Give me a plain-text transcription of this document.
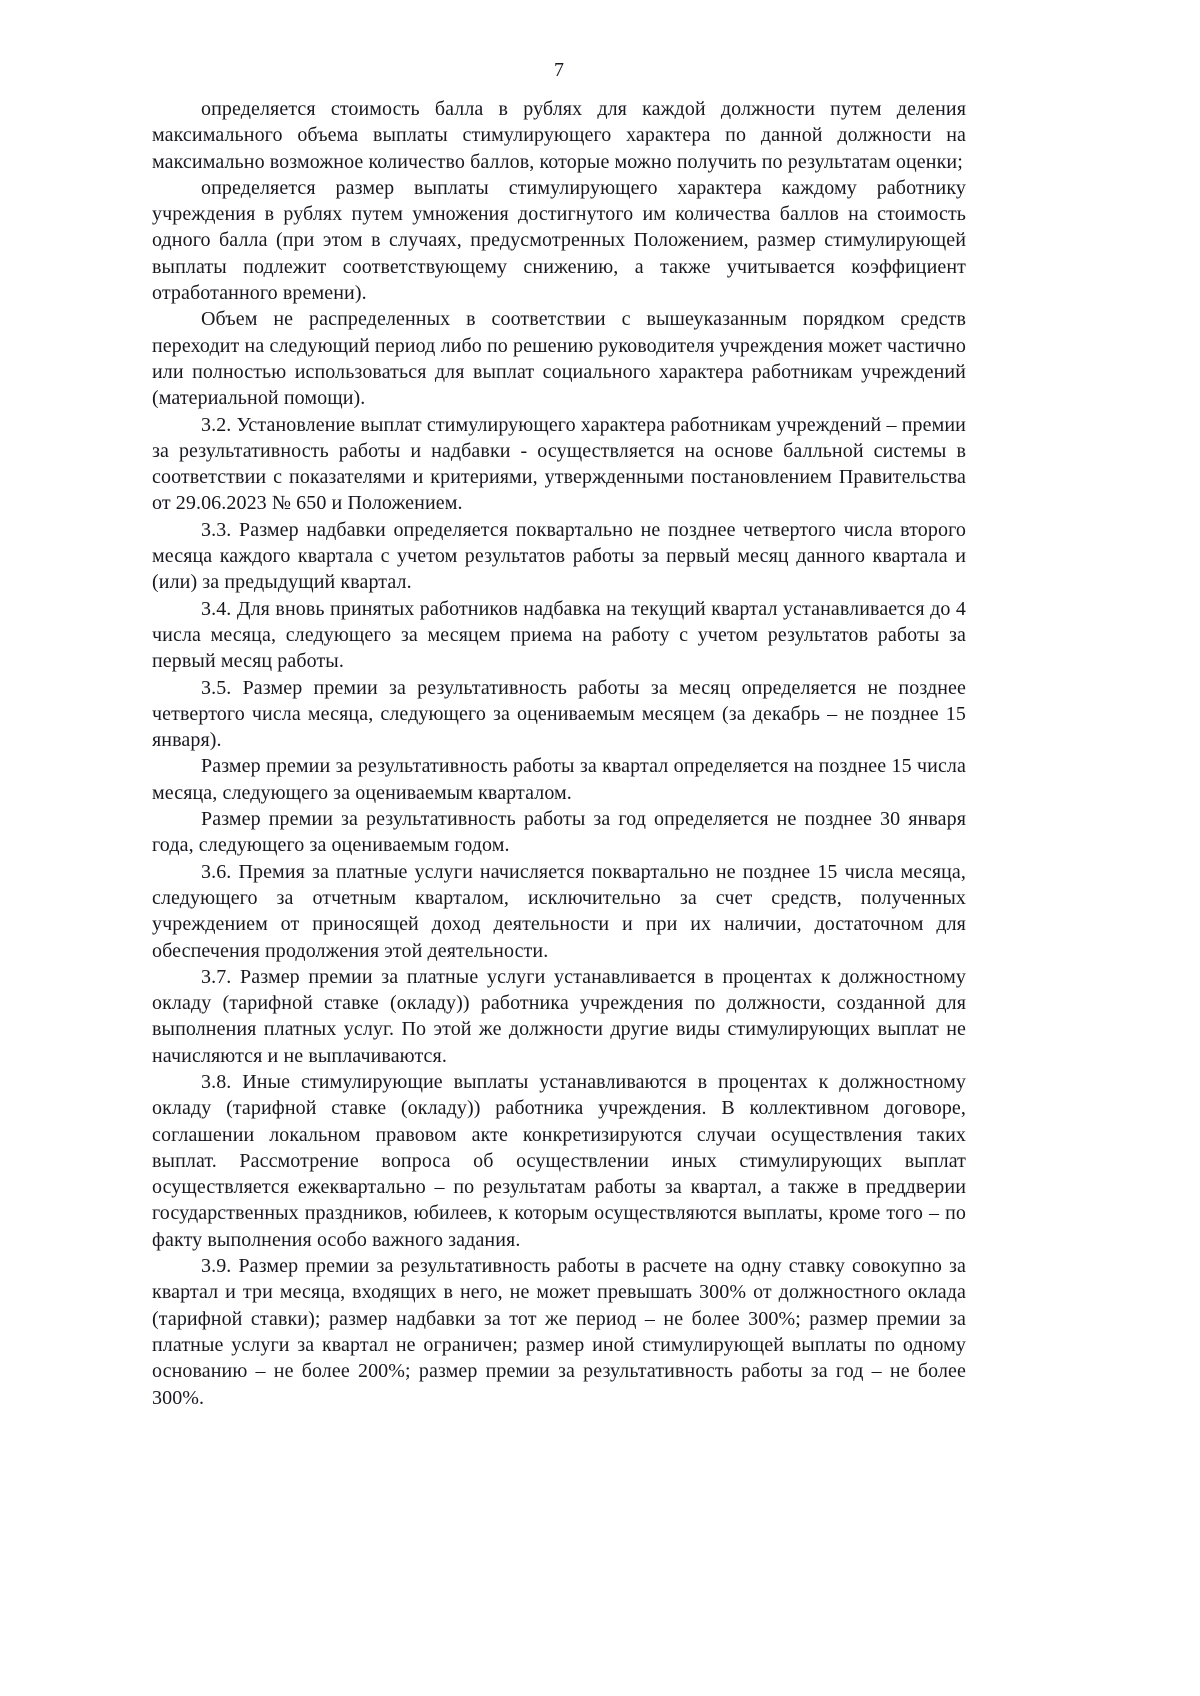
7

определяется стоимость балла в рублях для каждой должности путем деления максимального объема выплаты стимулирующего характера по данной должности на максимально возможное количество баллов, которые можно получить по результатам оценки;

определяется размер выплаты стимулирующего характера каждому работнику учреждения в рублях путем умножения достигнутого им количества баллов на стоимость одного балла (при этом в случаях, предусмотренных Положением, размер стимулирующей выплаты подлежит соответствующему снижению, а также учитывается коэффициент отработанного времени).

Объем не распределенных в соответствии с вышеуказанным порядком средств переходит на следующий период либо по решению руководителя учреждения может частично или полностью использоваться для выплат социального характера работникам учреждений (материальной помощи).

3.2. Установление выплат стимулирующего характера работникам учреждений – премии за результативность работы и надбавки - осуществляется на основе балльной системы в соответствии с показателями и критериями, утвержденными постановлением Правительства от 29.06.2023 № 650 и Положением.

3.3. Размер надбавки определяется поквартально не позднее четвертого числа второго месяца каждого квартала с учетом результатов работы за первый месяц данного квартала и (или) за предыдущий квартал.

3.4. Для вновь принятых работников надбавка на текущий квартал устанавливается до 4 числа месяца, следующего за месяцем приема на работу с учетом результатов работы за первый месяц работы.

3.5. Размер премии за результативность работы за месяц определяется не позднее четвертого числа месяца, следующего за оцениваемым месяцем (за декабрь – не позднее 15 января).

Размер премии за результативность работы за квартал определяется на позднее 15 числа месяца, следующего за оцениваемым кварталом.

Размер премии за результативность работы за год определяется не позднее 30 января года, следующего за оцениваемым годом.

3.6. Премия за платные услуги начисляется поквартально не позднее 15 числа месяца, следующего за отчетным кварталом, исключительно за счет средств, полученных учреждением от приносящей доход деятельности и при их наличии, достаточном для обеспечения продолжения этой деятельности.

3.7. Размер премии за платные услуги устанавливается в процентах к должностному окладу (тарифной ставке (окладу)) работника учреждения по должности, созданной для выполнения платных услуг. По этой же должности другие виды стимулирующих выплат не начисляются и не выплачиваются.

3.8. Иные стимулирующие выплаты устанавливаются в процентах к должностному окладу (тарифной ставке (окладу)) работника учреждения. В коллективном договоре, соглашении локальном правовом акте конкретизируются случаи осуществления таких выплат. Рассмотрение вопроса об осуществлении иных стимулирующих выплат осуществляется ежеквартально – по результатам работы за квартал, а также в преддверии государственных праздников, юбилеев, к которым осуществляются выплаты, кроме того – по факту выполнения особо важного задания.

3.9. Размер премии за результативность работы в расчете на одну ставку совокупно за квартал и три месяца, входящих в него, не может превышать 300% от должностного оклада (тарифной ставки); размер надбавки за тот же период – не более 300%; размер премии за платные услуги за квартал не ограничен; размер иной стимулирующей выплаты по одному основанию – не более 200%; размер премии за результативность работы за год – не более 300%.
